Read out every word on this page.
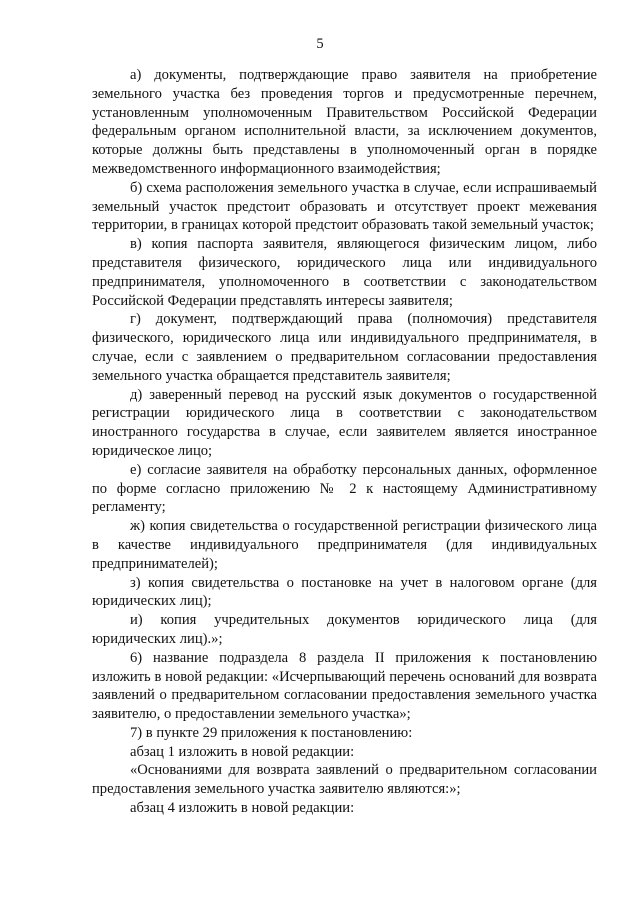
5

а) документы, подтверждающие право заявителя на приобретение земельного участка без проведения торгов и предусмотренные перечнем, установленным уполномоченным Правительством Российской Федерации федеральным органом исполнительной власти, за исключением документов, которые должны быть представлены в уполномоченный орган в порядке межведомственного информационного взаимодействия;

б) схема расположения земельного участка в случае, если испрашиваемый земельный участок предстоит образовать и отсутствует проект межевания территории, в границах которой предстоит образовать такой земельный участок;

в) копия паспорта заявителя, являющегося физическим лицом, либо представителя физического, юридического лица или индивидуального предпринимателя, уполномоченного в соответствии с законодательством Российской Федерации представлять интересы заявителя;

г) документ, подтверждающий права (полномочия) представителя физического, юридического лица или индивидуального предпринимателя, в случае, если с заявлением о предварительном согласовании предоставления земельного участка обращается представитель заявителя;

д) заверенный перевод на русский язык документов о государственной регистрации юридического лица в соответствии с законодательством иностранного государства в случае, если заявителем является иностранное юридическое лицо;

е) согласие заявителя на обработку персональных данных, оформленное по форме согласно приложению № 2 к настоящему Административному регламенту;

ж) копия свидетельства о государственной регистрации физического лица в качестве индивидуального предпринимателя (для индивидуальных предпринимателей);

з) копия свидетельства о постановке на учет в налоговом органе (для юридических лиц);

и) копия учредительных документов юридического лица (для юридических лиц).»;

6) название подраздела 8 раздела II приложения к постановлению изложить в новой редакции: «Исчерпывающий перечень оснований для возврата заявлений о предварительном согласовании предоставления земельного участка заявителю, о предоставлении земельного участка»;

7) в пункте 29 приложения к постановлению:

абзац 1 изложить в новой редакции:

«Основаниями для возврата заявлений о предварительном согласовании предоставления земельного участка заявителю являются:»;

абзац 4 изложить в новой редакции:
